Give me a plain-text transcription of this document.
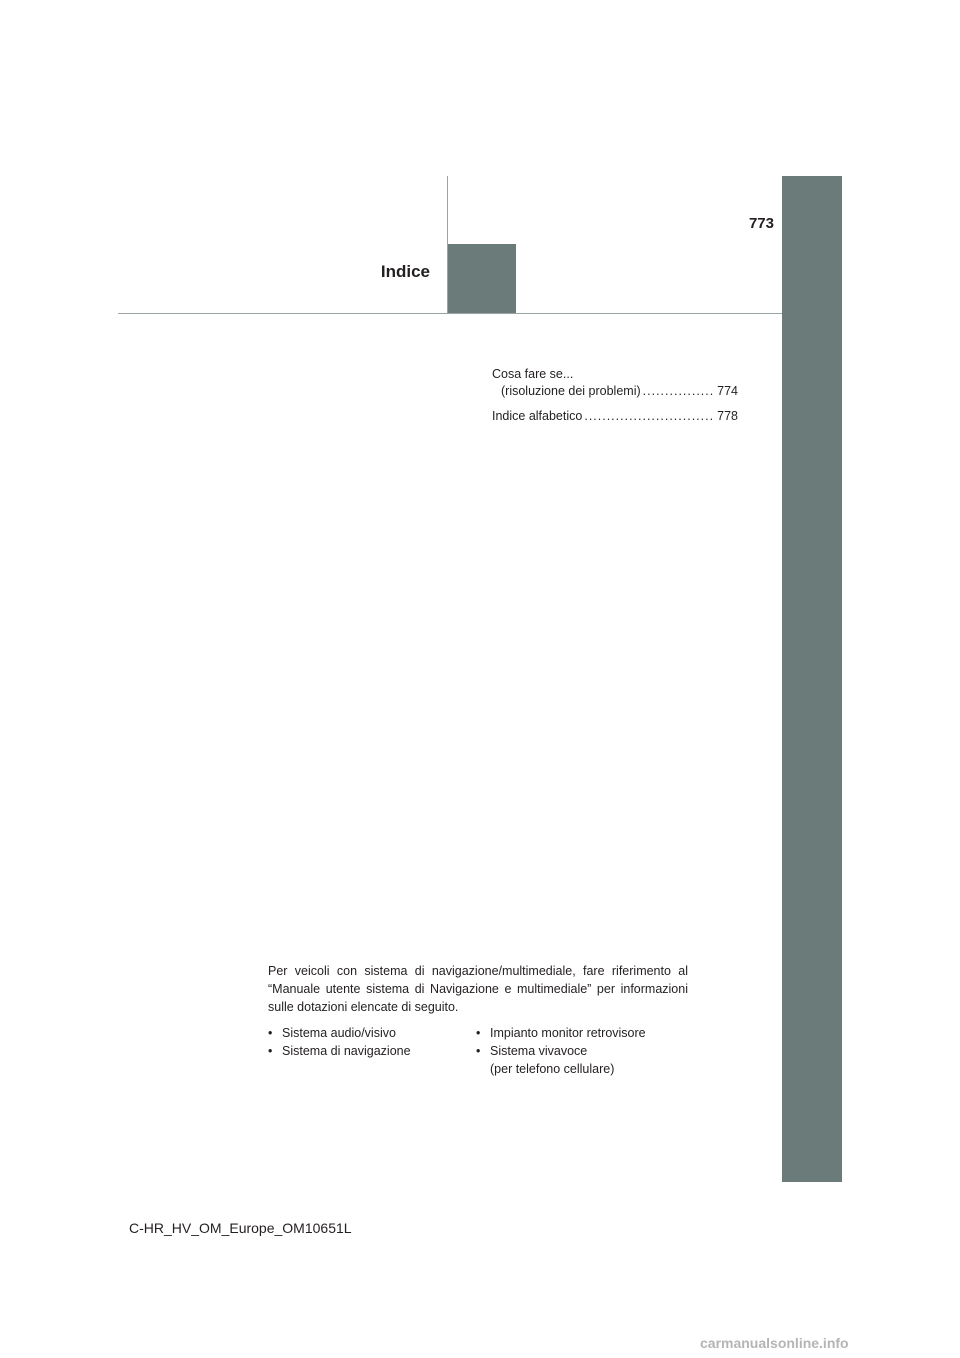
773
Indice
Cosa fare se...
(risoluzione dei problemi) .....	774
Indice alfabetico .....	778
Per veicoli con sistema di navigazione/multimediale, fare riferimento al “Manuale utente sistema di Navigazione e multimediale” per informazioni sulle dotazioni elencate di seguito.
• Sistema audio/visivo
• Sistema di navigazione
• Impianto monitor retrovisore
• Sistema vivavoce
(per telefono cellulare)
C-HR_HV_OM_Europe_OM10651L
carmanualsonline.info
